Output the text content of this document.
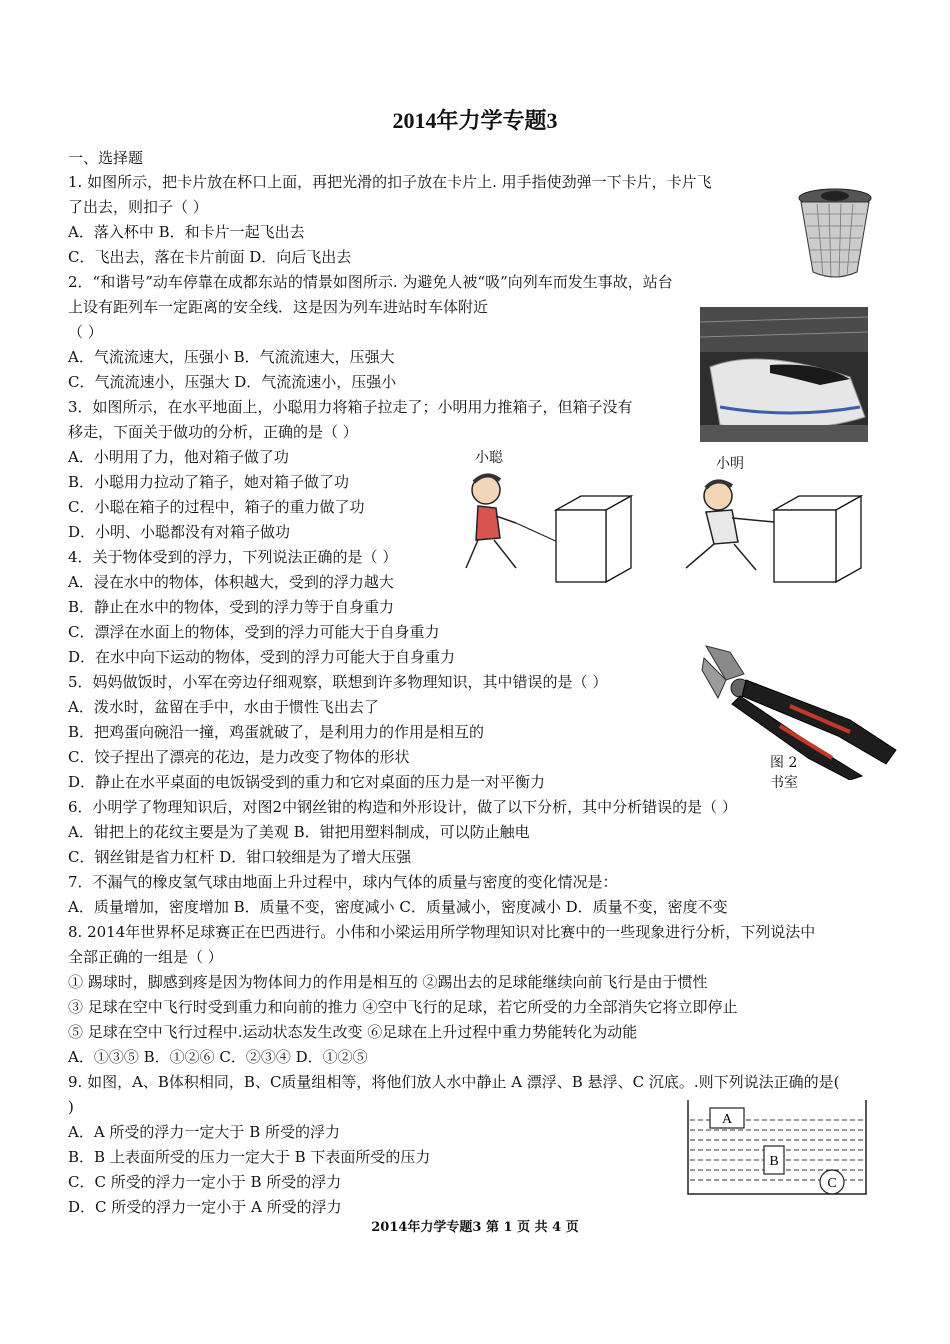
2014年力学专题3
一、选择题
1. 如图所示，把卡片放在杯口上面，再把光滑的扣子放在卡片上. 用手指使劲弹一下卡片，卡片飞
了出去，则扣子（ ）
A．落入杯中 B．和卡片一起飞出去
C．飞出去，落在卡片前面 D．向后飞出去
2．“和谐号”动车停靠在成都东站的情景如图所示. 为避免人被“吸”向列车而发生事故，站台
上设有距列车一定距离的安全线．这是因为列车进站时车体附近
（ ）
A．气流流速大，压强小 B．气流流速大，压强大
C．气流流速小，压强大 D．气流流速小，压强小
3．如图所示，在水平地面上，小聪用力将箱子拉走了；小明用力推箱子，但箱子没有
移走，下面关于做功的分析，正确的是（ ）
A．小明用了力，他对箱子做了功
B．小聪用力拉动了箱子，她对箱子做了功
C．小聪在箱子的过程中，箱子的重力做了功
D．小明、小聪都没有对箱子做功
4．关于物体受到的浮力，下列说法正确的是（ ）
A．浸在水中的物体，体积越大，受到的浮力越大
B．静止在水中的物体，受到的浮力等于自身重力
C．漂浮在水面上的物体，受到的浮力可能大于自身重力
D．在水中向下运动的物体，受到的浮力可能大于自身重力
5．妈妈做饭时，小军在旁边仔细观察，联想到许多物理知识，其中错误的是（ ）
A．泼水时，盆留在手中，水由于惯性飞出去了
B．把鸡蛋向碗沿一撞，鸡蛋就破了，是利用力的作用是相互的
C．饺子捏出了漂亮的花边，是力改变了物体的形状
D．静止在水平桌面的电饭锅受到的重力和它对桌面的压力是一对平衡力
6．小明学了物理知识后，对图2中钢丝钳的构造和外形设计，做了以下分析，其中分析错误的是（ ）
A．钳把上的花纹主要是为了美观 B．钳把用塑料制成，可以防止触电
C．钢丝钳是省力杠杆 D．钳口较细是为了增大压强
7．不漏气的橡皮氢气球由地面上升过程中，球内气体的质量与密度的变化情况是：
A．质量增加，密度增加 B．质量不变，密度减小 C．质量减小，密度减小 D．质量不变，密度不变
8. 2014年世界杯足球赛正在巴西进行。小伟和小梁运用所学物理知识对比赛中的一些现象进行分析，下列说法中
全部正确的一组是（ ）
① 踢球时，脚感到疼是因为物体间力的作用是相互的 ②踢出去的足球能继续向前飞行是由于惯性
③ 足球在空中飞行时受到重力和向前的推力 ④空中飞行的足球，若它所受的力全部消失它将立即停止
⑤ 足球在空中飞行过程中.运动状态发生改变 ⑥足球在上升过程中重力势能转化为动能
A．①③⑤ B．①②⑥ C．②③④ D．①②⑤
9. 如图，A、B体积相同，B、C质量组相等，将他们放人水中静止 A 漂浮、B 悬浮、C 沉底。.则下列说法正确的是(
)
A．A 所受的浮力一定大于 B 所受的浮力
B．B 上表面所受的压力一定大于 B 下表面所受的压力
C．C 所受的浮力一定小于 B 所受的浮力
D．C 所受的浮力一定小于 A 所受的浮力
小聪	小明
图 2
书室
A
B
C
2014年力学专题3 第 1 页 共 4 页
